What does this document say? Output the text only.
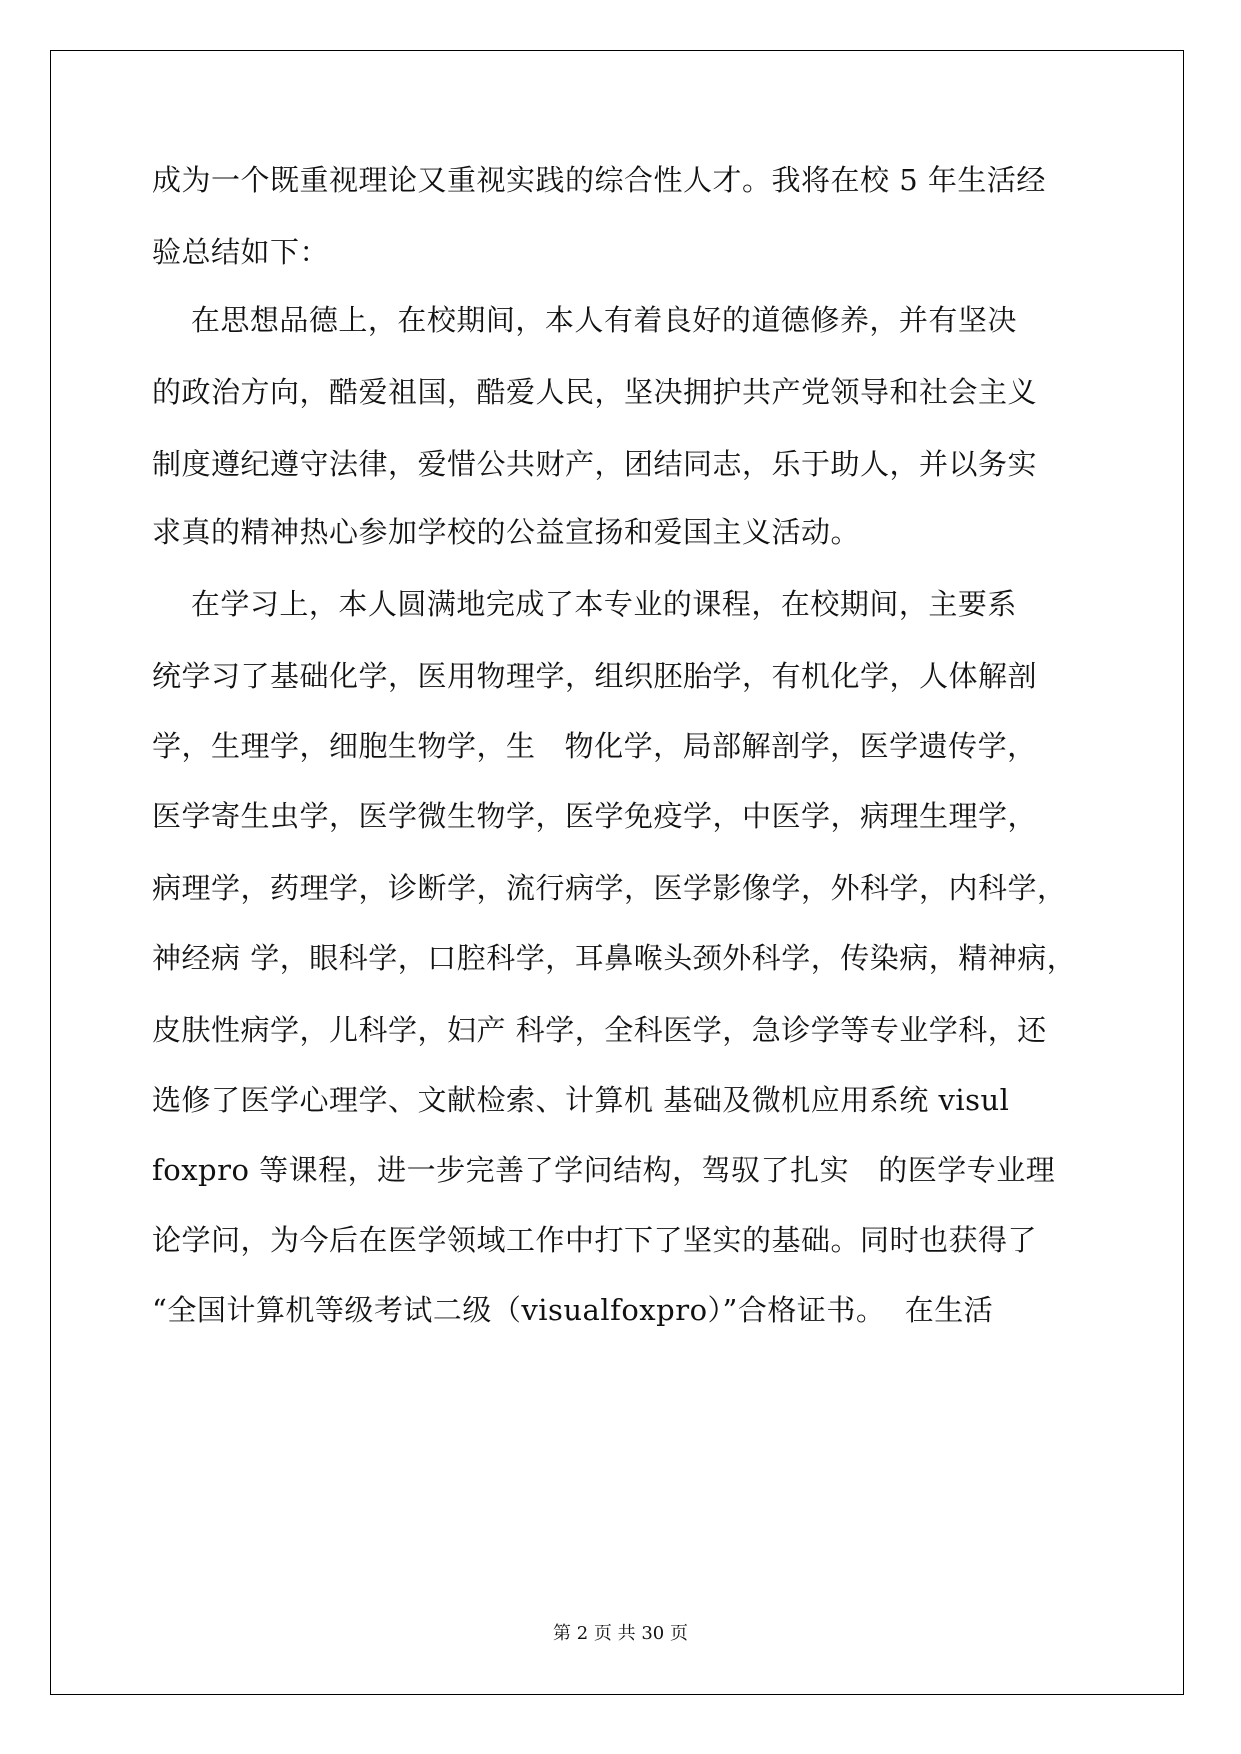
成为一个既重视理论又重视实践的综合性人才。我将在校 5 年生活经
验总结如下：
在思想品德上，在校期间，本人有着良好的道德修养，并有坚决
的政治方向，酷爱祖国，酷爱人民，坚决拥护共产党领导和社会主义
制度遵纪遵守法律，爱惜公共财产，团结同志，乐于助人，并以务实
求真的精神热心参加学校的公益宣扬和爱国主义活动。
在学习上，本人圆满地完成了本专业的课程，在校期间，主要系
统学习了基础化学，医用物理学，组织胚胎学，有机化学，人体解剖
学，生理学，细胞生物学，生   物化学，局部解剖学，医学遗传学，
医学寄生虫学，医学微生物学，医学免疫学，中医学，病理生理学，
病理学，药理学，诊断学，流行病学，医学影像学，外科学，内科学，
神经病 学，眼科学，口腔科学，耳鼻喉头颈外科学，传染病，精神病，
皮肤性病学，儿科学，妇产 科学，全科医学，急诊学等专业学科，还
选修了医学心理学、文献检索、计算机 基础及微机应用系统 visul
foxpro 等课程，进一步完善了学问结构，驾驭了扎实   的医学专业理
论学问，为今后在医学领域工作中打下了坚实的基础。同时也获得了
“全国计算机等级考试二级（visualfoxpro）”合格证书。  在生活
第 2 页 共 30 页
